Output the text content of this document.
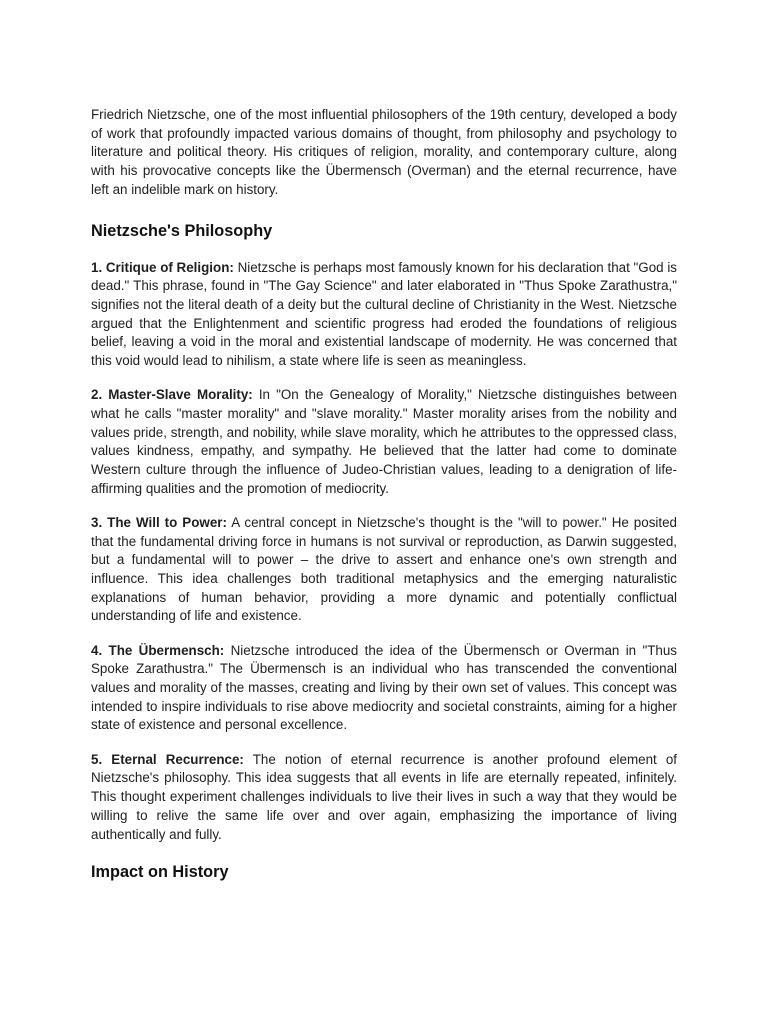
Friedrich Nietzsche, one of the most influential philosophers of the 19th century, developed a body of work that profoundly impacted various domains of thought, from philosophy and psychology to literature and political theory. His critiques of religion, morality, and contemporary culture, along with his provocative concepts like the Übermensch (Overman) and the eternal recurrence, have left an indelible mark on history.

Nietzsche's Philosophy

1. Critique of Religion: Nietzsche is perhaps most famously known for his declaration that "God is dead." This phrase, found in "The Gay Science" and later elaborated in "Thus Spoke Zarathustra," signifies not the literal death of a deity but the cultural decline of Christianity in the West. Nietzsche argued that the Enlightenment and scientific progress had eroded the foundations of religious belief, leaving a void in the moral and existential landscape of modernity. He was concerned that this void would lead to nihilism, a state where life is seen as meaningless.

2. Master-Slave Morality: In "On the Genealogy of Morality," Nietzsche distinguishes between what he calls "master morality" and "slave morality." Master morality arises from the nobility and values pride, strength, and nobility, while slave morality, which he attributes to the oppressed class, values kindness, empathy, and sympathy. He believed that the latter had come to dominate Western culture through the influence of Judeo-Christian values, leading to a denigration of life-affirming qualities and the promotion of mediocrity.

3. The Will to Power: A central concept in Nietzsche's thought is the "will to power." He posited that the fundamental driving force in humans is not survival or reproduction, as Darwin suggested, but a fundamental will to power – the drive to assert and enhance one's own strength and influence. This idea challenges both traditional metaphysics and the emerging naturalistic explanations of human behavior, providing a more dynamic and potentially conflictual understanding of life and existence.

4. The Übermensch: Nietzsche introduced the idea of the Übermensch or Overman in "Thus Spoke Zarathustra." The Übermensch is an individual who has transcended the conventional values and morality of the masses, creating and living by their own set of values. This concept was intended to inspire individuals to rise above mediocrity and societal constraints, aiming for a higher state of existence and personal excellence.

5. Eternal Recurrence: The notion of eternal recurrence is another profound element of Nietzsche's philosophy. This idea suggests that all events in life are eternally repeated, infinitely. This thought experiment challenges individuals to live their lives in such a way that they would be willing to relive the same life over and over again, emphasizing the importance of living authentically and fully.

Impact on History
